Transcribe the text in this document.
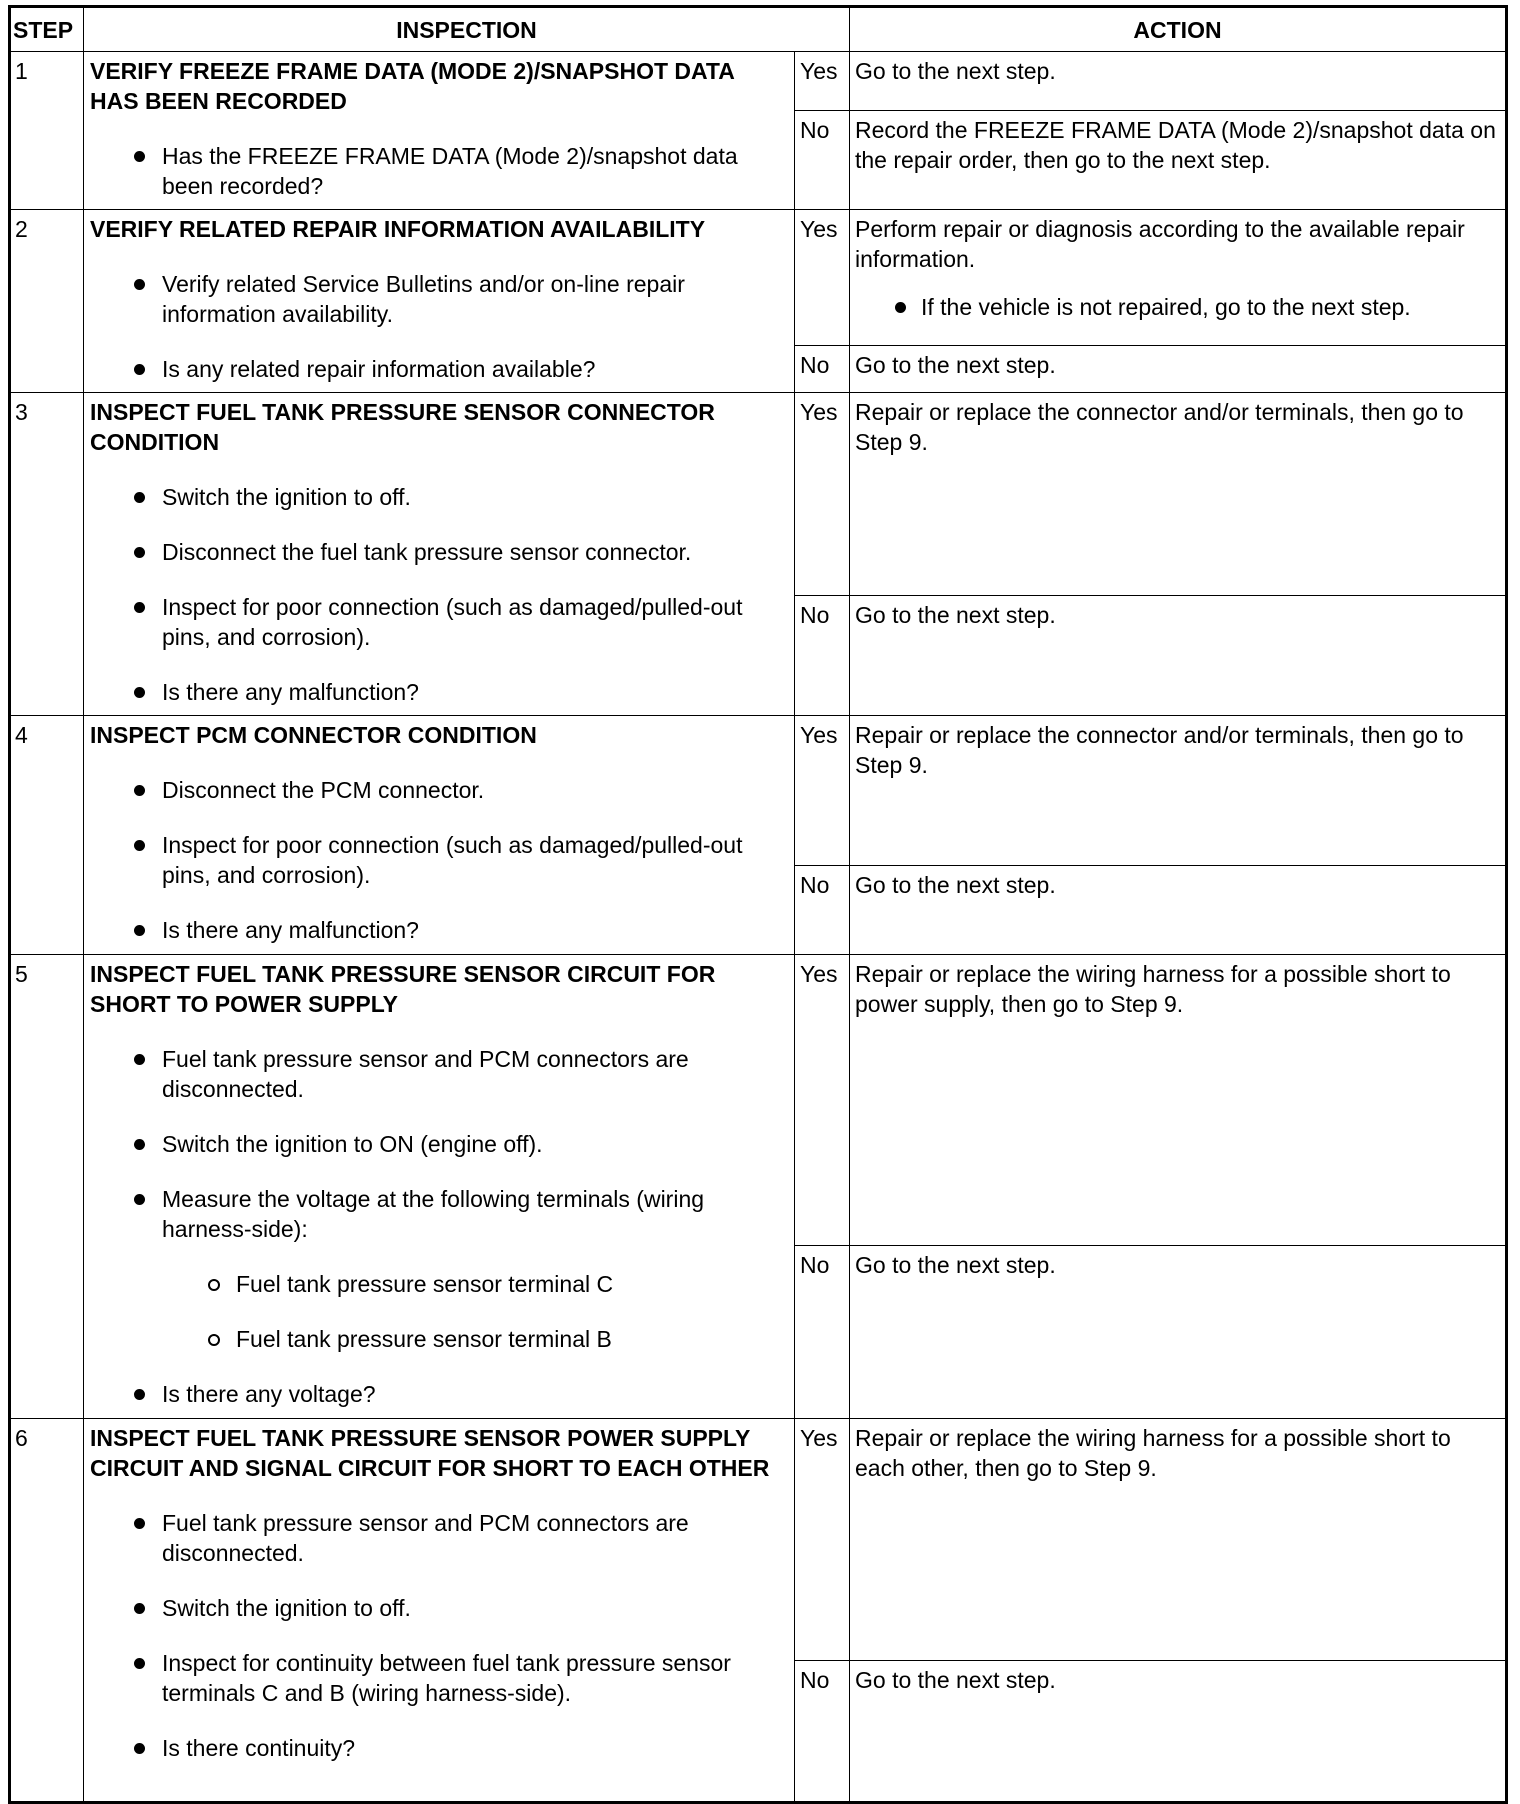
STEP	INSPECTION	ACTION
1	VERIFY FREEZE FRAME DATA (MODE 2)/SNAPSHOT DATA HAS BEEN RECORDED
Has the FREEZE FRAME DATA (Mode 2)/snapshot data been recorded?
Yes Go to the next step.
No	Record the FREEZE FRAME DATA (Mode 2)/snapshot data on the repair order, then go to the next step.
2	VERIFY RELATED REPAIR INFORMATION AVAILABILITY
Verify related Service Bulletins and/or on-line repair information availability.
Is any related repair information available?
Yes Perform repair or diagnosis according to the available repair information.
If the vehicle is not repaired, go to the next step.
No	Go to the next step.
3	INSPECT FUEL TANK PRESSURE SENSOR CONNECTOR CONDITION
Switch the ignition to off.
Disconnect the fuel tank pressure sensor connector.
Inspect for poor connection (such as damaged/pulled-out pins, and corrosion).
Is there any malfunction?
Yes Repair or replace the connector and/or terminals, then go to Step 9.
No	Go to the next step.
4	INSPECT PCM CONNECTOR CONDITION
Disconnect the PCM connector.
Inspect for poor connection (such as damaged/pulled-out pins, and corrosion).
Is there any malfunction?
Yes Repair or replace the connector and/or terminals, then go to Step 9.
No	Go to the next step.
5	INSPECT FUEL TANK PRESSURE SENSOR CIRCUIT FOR SHORT TO POWER SUPPLY
Fuel tank pressure sensor and PCM connectors are disconnected.
Switch the ignition to ON (engine off).
Measure the voltage at the following terminals (wiring harness-side):
Fuel tank pressure sensor terminal C
Fuel tank pressure sensor terminal B
Is there any voltage?
Yes Repair or replace the wiring harness for a possible short to power supply, then go to Step 9.
No	Go to the next step.
6	INSPECT FUEL TANK PRESSURE SENSOR POWER SUPPLY CIRCUIT AND SIGNAL CIRCUIT FOR SHORT TO EACH OTHER
Fuel tank pressure sensor and PCM connectors are disconnected.
Switch the ignition to off.
Inspect for continuity between fuel tank pressure sensor terminals C and B (wiring harness-side).
Is there continuity?
Yes Repair or replace the wiring harness for a possible short to each other, then go to Step 9.
No	Go to the next step.
